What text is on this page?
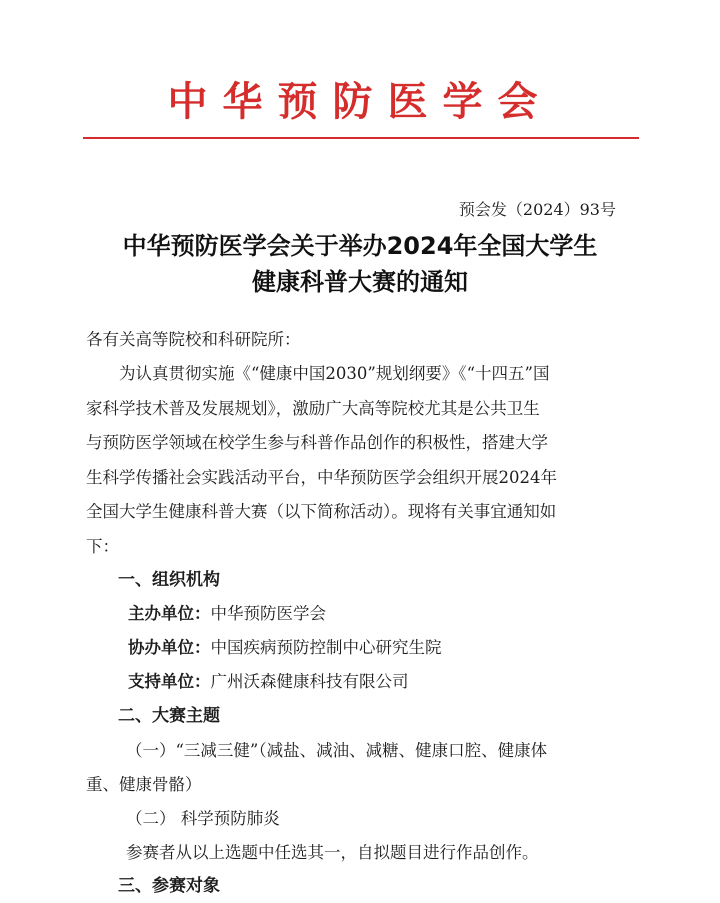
中华预防医学会
预会发（2024）93号
中华预防医学会关于举办2024年全国大学生
健康科普大赛的通知
各有关高等院校和科研院所：
为认真贯彻实施《“健康中国2030”规划纲要》《“十四五”国
家科学技术普及发展规划》，激励广大高等院校尤其是公共卫生
与预防医学领域在校学生参与科普作品创作的积极性，搭建大学
生科学传播社会实践活动平台，中华预防医学会组织开展2024年
全国大学生健康科普大赛（以下简称活动）。现将有关事宜通知如
下：
一、组织机构
主办单位：中华预防医学会
协办单位：中国疾病预防控制中心研究生院
支持单位：广州沃森健康科技有限公司
二、大赛主题
（一）“三减三健”（减盐、减油、减糖、健康口腔、健康体
重、健康骨骼）
（二） 科学预防肺炎
参赛者从以上选题中任选其一，自拟题目进行作品创作。
三、参赛对象
